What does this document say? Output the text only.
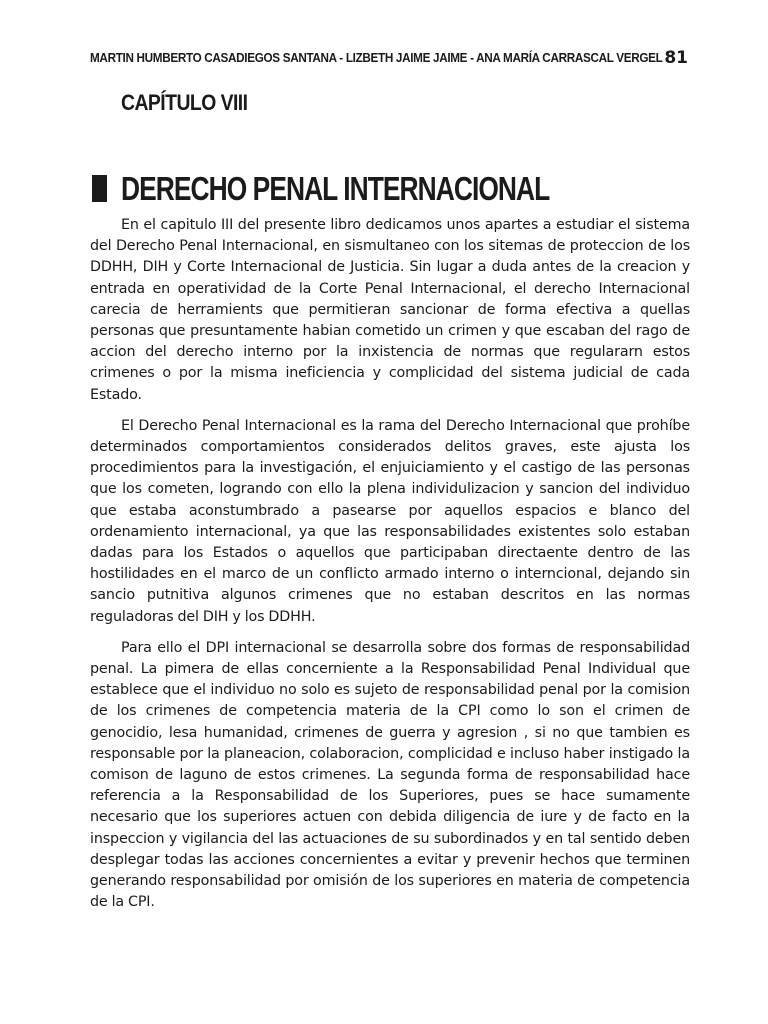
MARTIN HUMBERTO CASADIEGOS SANTANA - LIZBETH JAIME JAIME - ANA MARÍA CARRASCAL VERGEL 81
CAPÍTULO VIII
DERECHO PENAL INTERNACIONAL

En el capitulo III del presente libro dedicamos unos apartes a estudiar el sistema del Derecho Penal Internacional, en sismultaneo con los sitemas de proteccion de los DDHH, DIH y Corte Internacional de Justicia. Sin lugar a duda antes de la creacion y entrada en operatividad de la Corte Penal Internacional, el derecho Internacional carecia de herramients que permitieran sancionar de forma efectiva a quellas personas que presuntamente habian cometido un crimen y que escaban del rago de accion del derecho interno por la inxistencia de normas que regulararn estos crimenes o por la misma ineficiencia y complicidad del sistema judicial de cada Estado.

El Derecho Penal Internacional es la rama del Derecho Internacional que prohíbe determinados comportamientos considerados delitos graves, este ajusta los procedimientos para la investigación, el enjuiciamiento y el castigo de las personas que los cometen, logrando con ello la plena individulizacion y sancion del individuo que estaba aconstumbrado a pasearse por aquellos espacios e blanco del ordenamiento internacional, ya que las responsabilidades existentes solo estaban dadas para los Estados o aquellos que participaban directaente dentro de las hostilidades en el marco de un conflicto armado interno o interncional, dejando sin sancio putnitiva algunos crimenes que no estaban descritos en las normas reguladoras del DIH y los DDHH.

Para ello el DPI internacional se desarrolla sobre dos formas de responsabilidad penal. La pimera de ellas concerniente a la Responsabilidad Penal Individual que establece que el individuo no solo es sujeto de responsabilidad penal por la comision de los crimenes de competencia materia de la CPI como lo son el crimen de genocidio, lesa humanidad, crimenes de guerra y agresion , si no que tambien es responsable por la planeacion, colaboracion, complicidad e incluso haber instigado la comison de laguno de estos crimenes. La segunda forma de responsabilidad hace referencia a la Responsabilidad de los Superiores, pues se hace sumamente necesario que los superiores actuen con debida diligencia de iure y de facto en la inspeccion y vigilancia del las actuaciones de su subordinados y en tal sentido deben desplegar todas las acciones concernientes a evitar y prevenir hechos que terminen generando responsabilidad por omisión de los superiores en materia de competencia de la CPI.
